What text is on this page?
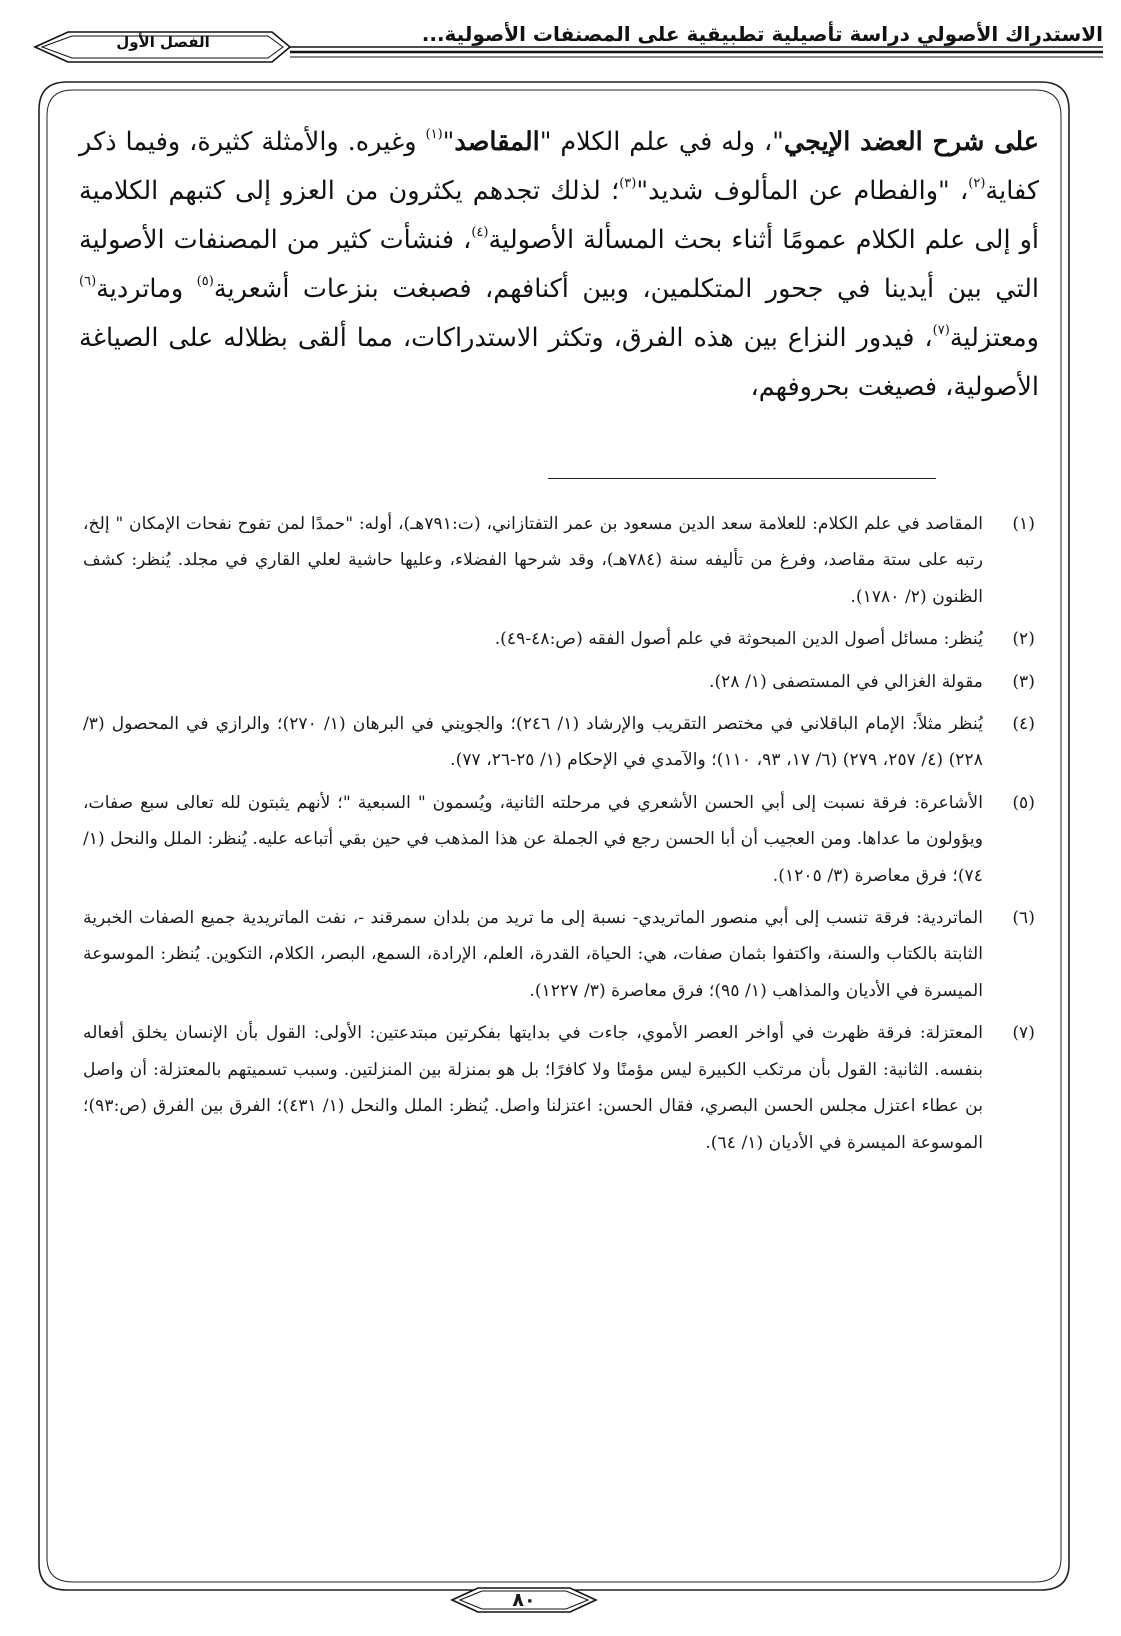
الاستدراك الأصولي دراسة تأصيلية تطبيقية على المصنفات الأصولية...
الفصل الأول
على شرح العضد الإيجي"، وله في علم الكلام "المقاصد"$^{(١)}$ وغيره. والأمثلة كثيرة، وفيما ذكر كفاية$^{(٢)}$، "والفطام عن المألوف شديد"$^{(٣)}$؛ لذلك تجدهم يكثرون من العزو إلى كتبهم الكلامية أو إلى علم الكلام عمومًا أثناء بحث المسألة الأصولية$^{(٤)}$، فنشأت كثير من المصنفات الأصولية التي بين أيدينا في جحور المتكلمين، وبين أكنافهم، فصبغت بنزعات أشعرية$^{(٥)}$ وماتردية$^{(٦)}$ ومعتزلية$^{(٧)}$، فيدور النزاع بين هذه الفرق، وتكثر الاستدراكات، مما ألقى بظلاله على الصياغة الأصولية، فصيغت بحروفهم،
(١)
المقاصد في علم الكلام: للعلامة سعد الدين مسعود بن عمر التفتازاني، (ت:٧٩١هـ)، أوله: "حمدًا لمن تفوح نفحات الإمكان " إلخ، رتبه على ستة مقاصد، وفرغ من تأليفه سنة (٧٨٤هـ)، وقد شرحها الفضلاء، وعليها حاشية لعلي القاري في مجلد. يُنظر: كشف الظنون (٢/ ١٧٨٠).
(٢)
يُنظر: مسائل أصول الدين المبحوثة في علم أصول الفقه (ص:٤٨-٤٩).
(٣)
مقولة الغزالي في المستصفى (١/ ٢٨).
(٤)
يُنظر مثلاً: الإمام الباقلاني في مختصر التقريب والإرشاد (١/ ٢٤٦)؛ والجويني في البرهان (١/ ٢٧٠)؛ والرازي في المحصول (٣/ ٢٢٨) (٤/ ٢٥٧، ٢٧٩) (٦/ ١٧، ٩٣، ١١٠)؛ والآمدي في الإحكام (١/ ٢٥-٢٦، ٧٧).
(٥)
الأشاعرة: فرقة نسبت إلى أبي الحسن الأشعري في مرحلته الثانية، ويُسمون " السبعية "؛ لأنهم يثبتون لله تعالى سبع صفات، ويؤولون ما عداها. ومن العجيب أن أبا الحسن رجع في الجملة عن هذا المذهب في حين بقي أتباعه عليه. يُنظر: الملل والنحل (١/ ٧٤)؛ فرق معاصرة (٣/ ١٢٠٥).
(٦)
الماتردية: فرقة تنسب إلى أبي منصور الماتريدي- نسبة إلى ما تريد من بلدان سمرقند -، نفت الماتريدية جميع الصفات الخبرية الثابتة بالكتاب والسنة، واكتفوا بثمان صفات، هي: الحياة، القدرة، العلم، الإرادة، السمع، البصر، الكلام، التكوين. يُنظر: الموسوعة الميسرة في الأديان والمذاهب (١/ ٩٥)؛ فرق معاصرة (٣/ ١٢٢٧).
(٧)
المعتزلة: فرقة ظهرت في أواخر العصر الأموي، جاءت في بدايتها بفكرتين مبتدعتين: الأولى: القول بأن الإنسان يخلق أفعاله بنفسه. الثانية: القول بأن مرتكب الكبيرة ليس مؤمنًا ولا كافرًا؛ بل هو بمنزلة بين المنزلتين. وسبب تسميتهم بالمعتزلة: أن واصل بن عطاء اعتزل مجلس الحسن البصري، فقال الحسن: اعتزلنا واصل. يُنظر: الملل والنحل (١/ ٤٣١)؛ الفرق بين الفرق (ص:٩٣)؛ الموسوعة الميسرة في الأديان (١/ ٦٤).
٨٠
